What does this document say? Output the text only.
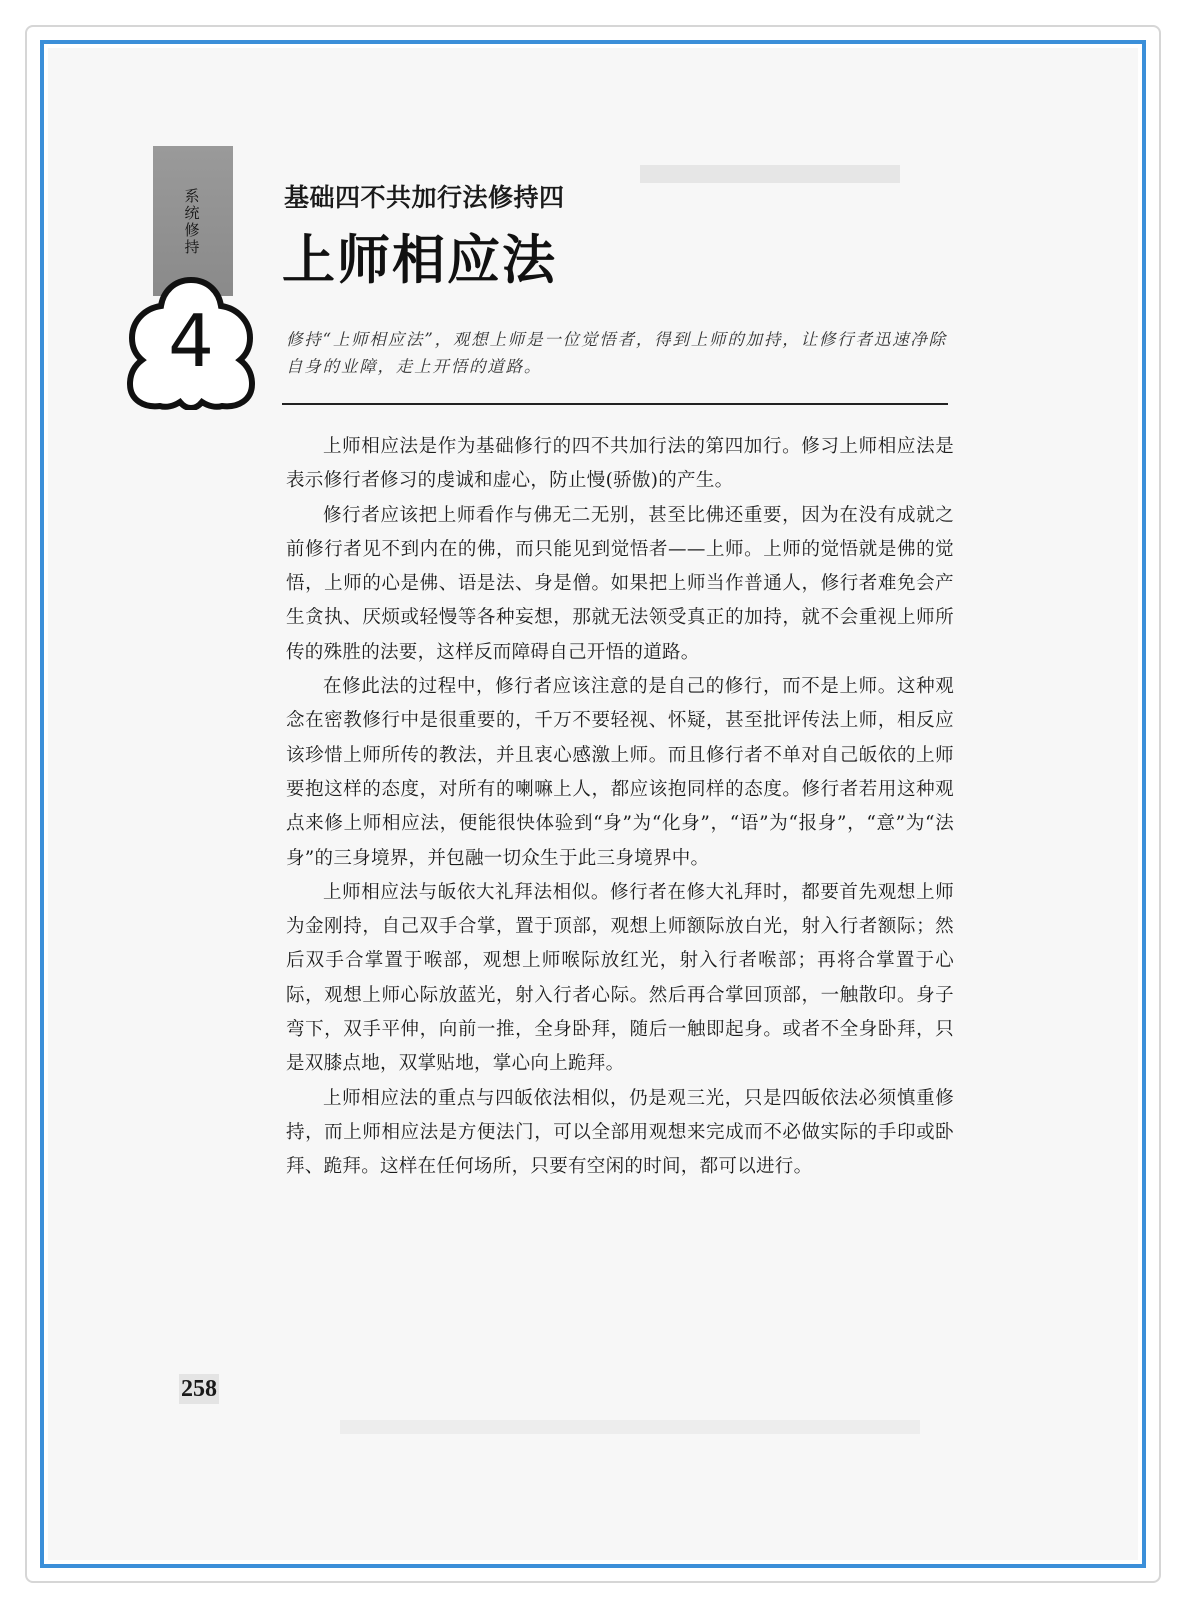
系统修持
4
基础四不共加行法修持四
上师相应法

修持“上师相应法”，观想上师是一位觉悟者，得到上师的加持，让修行者迅速净除自身的业障，走上开悟的道路。

上师相应法是作为基础修行的四不共加行法的第四加行。修习上师相应法是表示修行者修习的虔诚和虚心，防止慢(骄傲)的产生。

修行者应该把上师看作与佛无二无别，甚至比佛还重要，因为在没有成就之前修行者见不到内在的佛，而只能见到觉悟者——上师。上师的觉悟就是佛的觉悟，上师的心是佛、语是法、身是僧。如果把上师当作普通人，修行者难免会产生贪执、厌烦或轻慢等各种妄想，那就无法领受真正的加持，就不会重视上师所传的殊胜的法要，这样反而障碍自己开悟的道路。

在修此法的过程中，修行者应该注意的是自己的修行，而不是上师。这种观念在密教修行中是很重要的，千万不要轻视、怀疑，甚至批评传法上师，相反应该珍惜上师所传的教法，并且衷心感激上师。而且修行者不单对自己皈依的上师要抱这样的态度，对所有的喇嘛上人，都应该抱同样的态度。修行者若用这种观点来修上师相应法，便能很快体验到“身”为“化身”，“语”为“报身”，“意”为“法身”的三身境界，并包融一切众生于此三身境界中。

上师相应法与皈依大礼拜法相似。修行者在修大礼拜时，都要首先观想上师为金刚持，自己双手合掌，置于顶部，观想上师额际放白光，射入行者额际；然后双手合掌置于喉部，观想上师喉际放红光，射入行者喉部；再将合掌置于心际，观想上师心际放蓝光，射入行者心际。然后再合掌回顶部，一触散印。身子弯下，双手平伸，向前一推，全身卧拜，随后一触即起身。或者不全身卧拜，只是双膝点地，双掌贴地，掌心向上跪拜。

上师相应法的重点与四皈依法相似，仍是观三光，只是四皈依法必须慎重修持，而上师相应法是方便法门，可以全部用观想来完成而不必做实际的手印或卧拜、跪拜。这样在任何场所，只要有空闲的时间，都可以进行。

258
